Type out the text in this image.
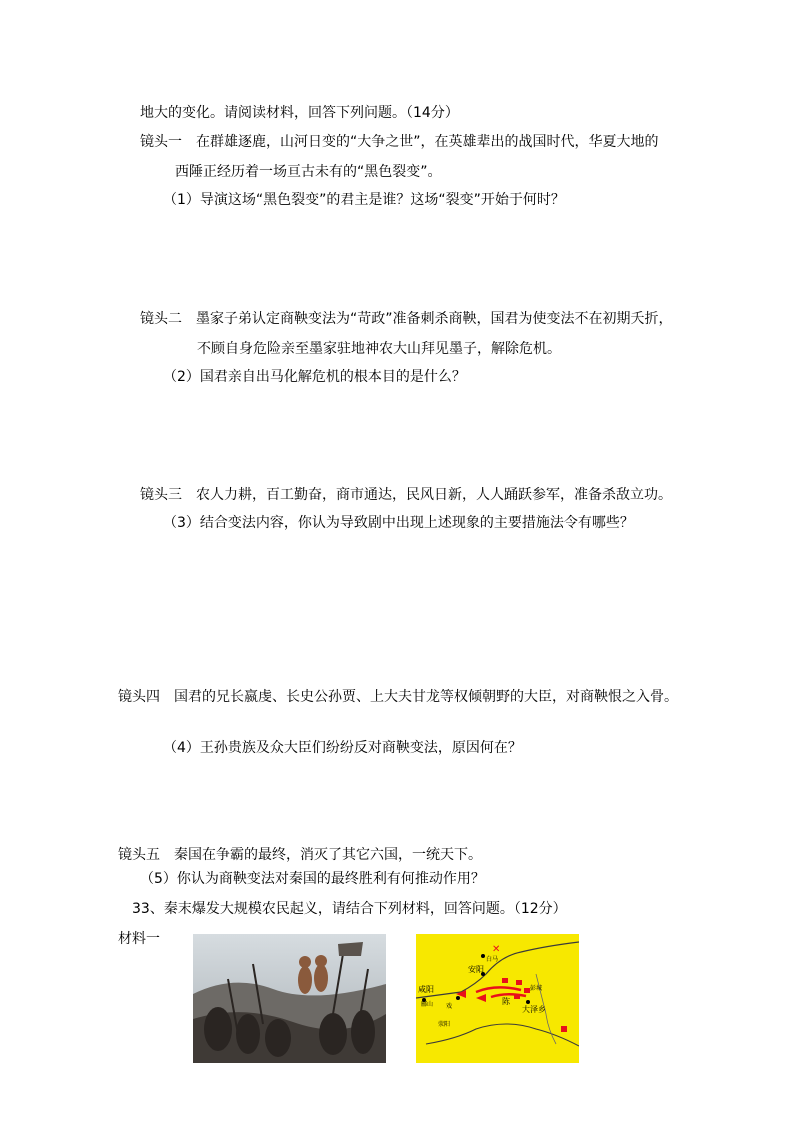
地大的变化。请阅读材料，回答下列问题。（14分）
镜头一　在群雄逐鹿，山河日变的“大争之世”，在英雄辈出的战国时代，华夏大地的
西陲正经历着一场亘古未有的“黑色裂变”。
（1）导演这场“黑色裂变”的君主是谁？这场“裂变”开始于何时？
镜头二　墨家子弟认定商鞅变法为“苛政”准备刺杀商鞅，国君为使变法不在初期夭折，
不顾自身危险亲至墨家驻地神农大山拜见墨子，解除危机。
（2）国君亲自出马化解危机的根本目的是什么？
镜头三　农人力耕，百工勤奋，商市通达，民风日新，人人踊跃参军，准备杀敌立功。
（3）结合变法内容，你认为导致剧中出现上述现象的主要措施法令有哪些？
镜头四　国君的兄长嬴虔、长史公孙贾、上大夫甘龙等权倾朝野的大臣，对商鞅恨之入骨。
（4）王孙贵族及众大臣们纷纷反对商鞅变法，原因何在？
镜头五　秦国在争霸的最终，消灭了其它六国，一统天下。
（5）你认为商鞅变法对秦国的最终胜利有何推动作用？
33、秦末爆发大规模农民起义，请结合下列材料，回答问题。（12分）
材料一
✕
咸阳
安阳
陈
大泽乡
戏
彭城
郦山
白马
荥阳
